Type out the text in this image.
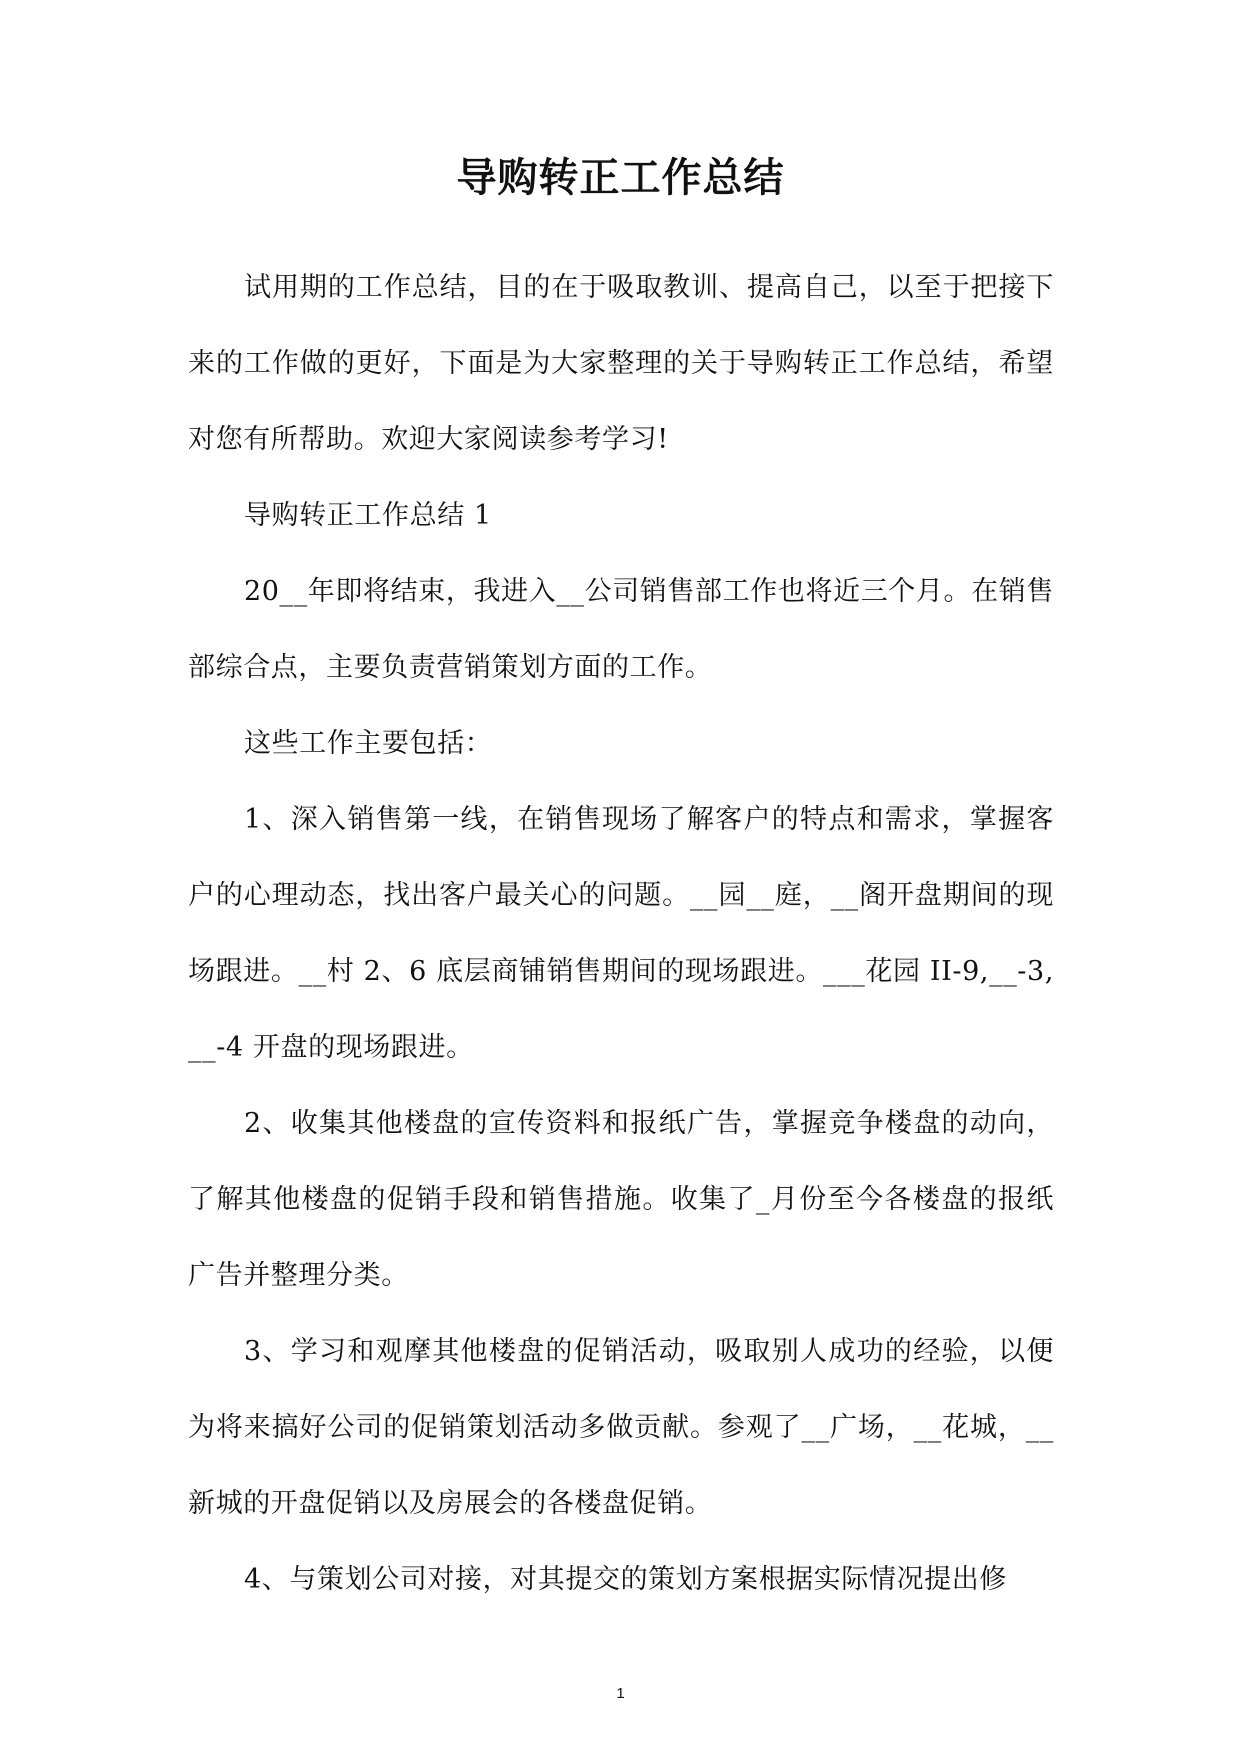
导购转正工作总结

试用期的工作总结，目的在于吸取教训、提高自己，以至于把接下来的工作做的更好，下面是为大家整理的关于导购转正工作总结，希望对您有所帮助。欢迎大家阅读参考学习!

导购转正工作总结 1

20__年即将结束，我进入__公司销售部工作也将近三个月。在销售部综合点，主要负责营销策划方面的工作。

这些工作主要包括：

1、深入销售第一线，在销售现场了解客户的特点和需求，掌握客户的心理动态，找出客户最关心的问题。__园__庭，__阁开盘期间的现场跟进。__村 2、6 底层商铺销售期间的现场跟进。___花园 II-9,__-3,__-4 开盘的现场跟进。

2、收集其他楼盘的宣传资料和报纸广告，掌握竞争楼盘的动向，了解其他楼盘的促销手段和销售措施。收集了_月份至今各楼盘的报纸广告并整理分类。

3、学习和观摩其他楼盘的促销活动，吸取别人成功的经验，以便为将来搞好公司的促销策划活动多做贡献。参观了__广场，__花城，__新城的开盘促销以及房展会的各楼盘促销。

4、与策划公司对接，对其提交的策划方案根据实际情况提出修

1
